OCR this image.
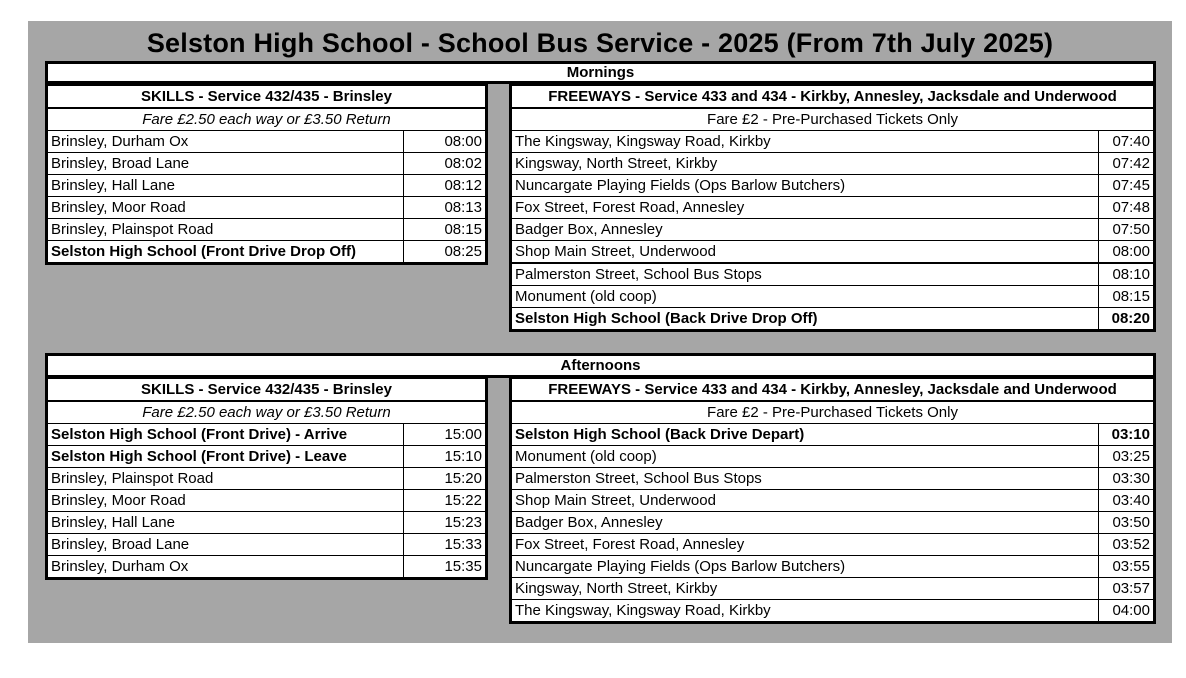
Selston High School - School Bus Service - 2025 (From 7th July 2025)
Mornings
SKILLS - Service 432/435 - Brinsley	
Fare £2.50 each way or £3.50 Return	
Brinsley, Durham Ox	08:00
Brinsley, Broad Lane	08:02
Brinsley, Hall Lane	08:12
Brinsley, Moor Road	08:13
Brinsley, Plainspot Road	08:15
Selston High School (Front Drive Drop Off)	08:25
FREEWAYS - Service 433 and 434 - Kirkby, Annesley, Jacksdale and Underwood	
Fare £2 - Pre-Purchased Tickets Only	
The Kingsway, Kingsway Road, Kirkby	07:40
Kingsway, North Street, Kirkby	07:42
Nuncargate Playing Fields (Ops Barlow Butchers)	07:45
Fox Street, Forest Road, Annesley	07:48
Badger Box, Annesley	07:50
Shop Main Street, Underwood	08:00
Palmerston Street, School Bus Stops	08:10
Monument (old coop)	08:15
Selston High School (Back Drive Drop Off)	08:20
Afternoons
SKILLS - Service 432/435 - Brinsley	
Fare £2.50 each way or £3.50 Return	
Selston High School (Front Drive) - Arrive	15:00
Selston High School (Front Drive) - Leave	15:10
Brinsley, Plainspot Road	15:20
Brinsley, Moor Road	15:22
Brinsley, Hall Lane	15:23
Brinsley, Broad Lane	15:33
Brinsley, Durham Ox	15:35
FREEWAYS - Service 433 and 434 - Kirkby, Annesley, Jacksdale and Underwood	
Fare £2 - Pre-Purchased Tickets Only	
Selston High School (Back Drive Depart)	03:10
Monument (old coop)	03:25
Palmerston Street, School Bus Stops	03:30
Shop Main Street, Underwood	03:40
Badger Box, Annesley	03:50
Fox Street, Forest Road, Annesley	03:52
Nuncargate Playing Fields (Ops Barlow Butchers)	03:55
Kingsway, North Street, Kirkby	03:57
The Kingsway, Kingsway Road, Kirkby	04:00
